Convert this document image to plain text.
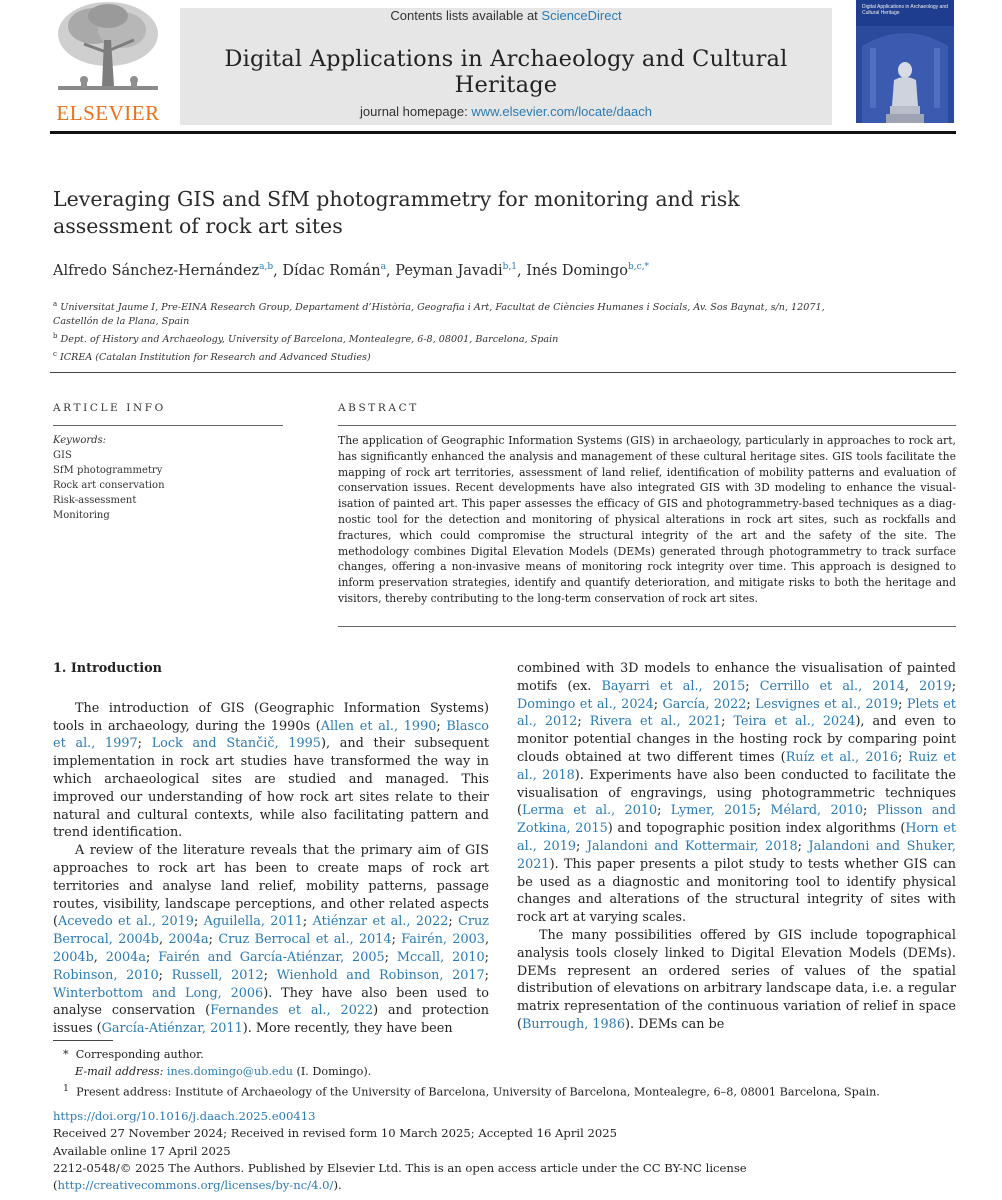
ELSEVIER
Contents lists available at ScienceDirect
Digital Applications in Archaeology and Cultural Heritage
journal homepage: www.elsevier.com/locate/daach
Digital Applications in Archaeology and Cultural Heritage
Leveraging GIS and SfM photogrammetry for monitoring and risk assessment of rock art sites
Alfredo Sánchez-Hernández$^{a,b}$, Dídac Román$^a$, Peyman Javadi$^{b,1}$, Inés Domingo$^{b,c,*}$

$^a$ Universitat Jaume I, Pre-EINA Research Group, Departament d’Història, Geografia i Art, Facultat de Ciències Humanes i Socials, Av. Sos Baynat, s/n, 12071, Castellón de la Plana, Spain

$^b$ Dept. of History and Archaeology, University of Barcelona, Montealegre, 6-8, 08001, Barcelona, Spain

$^c$ ICREA (Catalan Institution for Research and Advanced Studies)

ARTICLE INFO	ABSTRACT
Keywords:
GIS
SfM photogrammetry
Rock art conservation
Risk-assessment
Monitoring

The application of Geographic Information Systems (GIS) in archaeology, particularly in approaches to rock art, has significantly enhanced the analysis and management of these cultural heritage sites. GIS tools facilitate the mapping of rock art territories, assessment of land relief, identification of mobility patterns and evaluation of conservation issues. Recent developments have also integrated GIS with 3D modeling to enhance the visualisation of painted art. This paper assesses the efficacy of GIS and photogrammetry-based techniques as a diagnostic tool for the detection and monitoring of physical alterations in rock art sites, such as rockfalls and fractures, which could compromise the structural integrity of the art and the safety of the site. The methodology combines Digital Elevation Models (DEMs) generated through photogrammetry to track surface changes, offering a non-invasive means of monitoring rock integrity over time. This approach is designed to inform preservation strategies, identify and quantify deterioration, and mitigate risks to both the heritage and visitors, thereby contributing to the long-term conservation of rock art sites.

1. Introduction

The introduction of GIS (Geographic Information Systems) tools in archaeology, during the 1990s (Allen et al., 1990; Blasco et al., 1997; Lock and Stančič, 1995), and their subsequent implementation in rock art studies have transformed the way in which archaeological sites are studied and managed. This improved our understanding of how rock art sites relate to their natural and cultural contexts, while also facilitating pattern and trend identification.

A review of the literature reveals that the primary aim of GIS approaches to rock art has been to create maps of rock art territories and analyse land relief, mobility patterns, passage routes, visibility, landscape perceptions, and other related aspects (Acevedo et al., 2019; Aguilella, 2011; Atiénzar et al., 2022; Cruz Berrocal, 2004b, 2004a; Cruz Berrocal et al., 2014; Fairén, 2003, 2004b, 2004a; Fairén and García-Atiénzar, 2005; Mccall, 2010; Robinson, 2010; Russell, 2012; Wienhold and Robinson, 2017; Winterbottom and Long, 2006). They have also been used to analyse conservation (Fernandes et al., 2022) and protection issues (García-Atiénzar, 2011). More recently, they have been

combined with 3D models to enhance the visualisation of painted motifs (ex. Bayarri et al., 2015; Cerrillo et al., 2014, 2019; Domingo et al., 2024; García, 2022; Lesvignes et al., 2019; Plets et al., 2012; Rivera et al., 2021; Teira et al., 2024), and even to monitor potential changes in the hosting rock by comparing point clouds obtained at two different times (Ruíz et al., 2016; Ruiz et al., 2018). Experiments have also been conducted to facilitate the visualisation of engravings, using photogrammetric techniques (Lerma et al., 2010; Lymer, 2015; Mélard, 2010; Plisson and Zotkina, 2015) and topographic position index algorithms (Horn et al., 2019; Jalandoni and Kottermair, 2018; Jalandoni and Shuker, 2021). This paper presents a pilot study to tests whether GIS can be used as a diagnostic and monitoring tool to identify physical changes and alterations of the structural integrity of sites with rock art at varying scales.

The many possibilities offered by GIS include topographical analysis tools closely linked to Digital Elevation Models (DEMs). DEMs represent an ordered series of values of the spatial distribution of elevations on arbitrary landscape data, i.e. a regular matrix representation of the continuous variation of relief in space (Burrough, 1986). DEMs can be

* Corresponding author.

E-mail address: ines.domingo@ub.edu (I. Domingo).

$^1$ Present address: Institute of Archaeology of the University of Barcelona, University of Barcelona, Montealegre, 6–8, 08001 Barcelona, Spain.

https://doi.org/10.1016/j.daach.2025.e00413

Received 27 November 2024; Received in revised form 10 March 2025; Accepted 16 April 2025

Available online 17 April 2025

2212-0548/© 2025 The Authors. Published by Elsevier Ltd. This is an open access article under the CC BY-NC license (http://creativecommons.org/licenses/by-nc/4.0/).
